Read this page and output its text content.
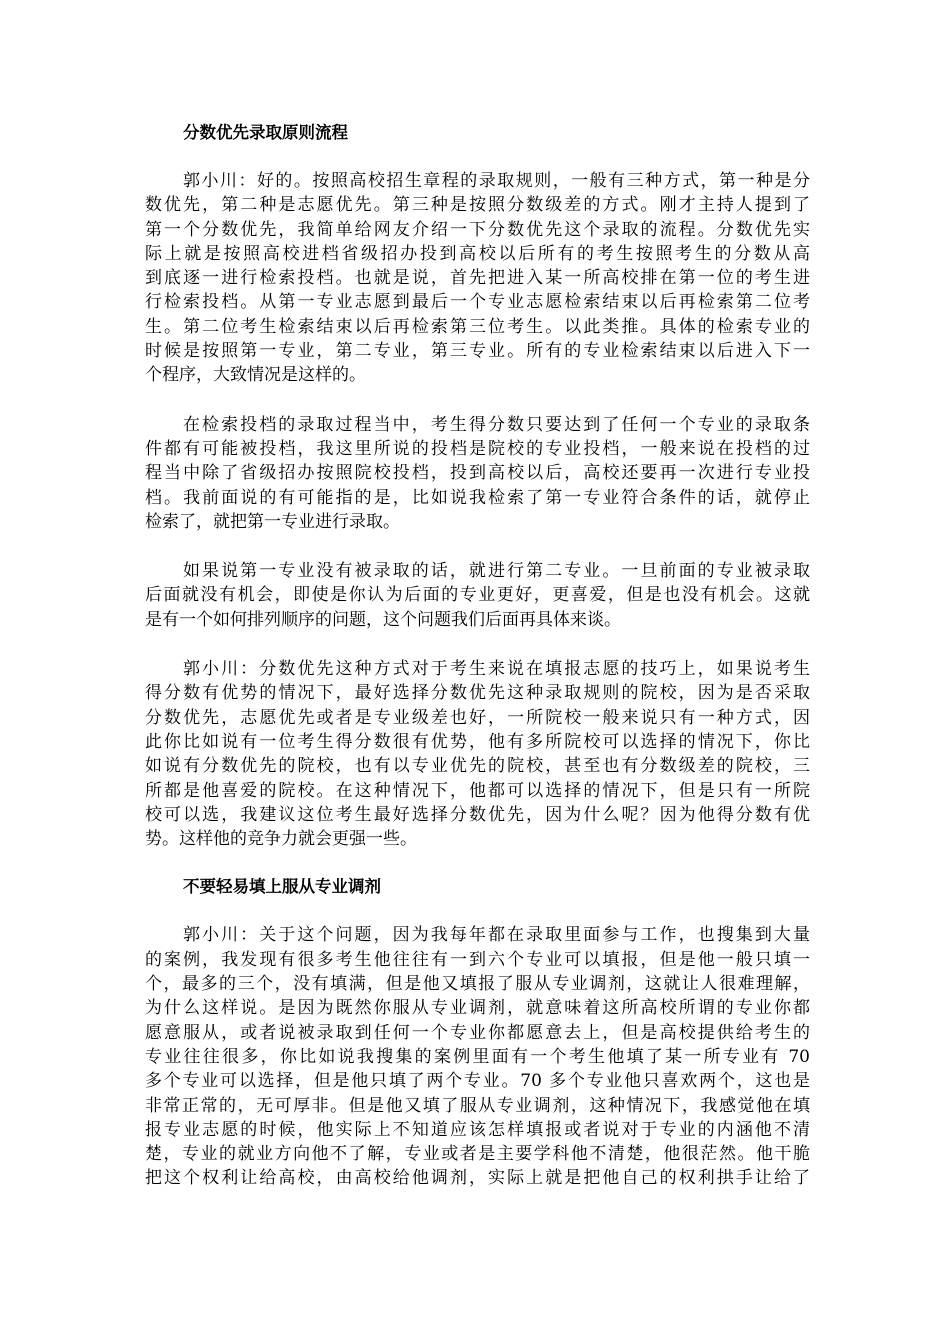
分数优先录取原则流程

郭小川：好的。按照高校招生章程的录取规则，一般有三种方式，第一种是分
数优先，第二种是志愿优先。第三种是按照分数级差的方式。刚才主持人提到了
第一个分数优先，我简单给网友介绍一下分数优先这个录取的流程。分数优先实
际上就是按照高校进档省级招办投到高校以后所有的考生按照考生的分数从高
到底逐一进行检索投档。也就是说，首先把进入某一所高校排在第一位的考生进
行检索投档。从第一专业志愿到最后一个专业志愿检索结束以后再检索第二位考
生。第二位考生检索结束以后再检索第三位考生。以此类推。具体的检索专业的
时候是按照第一专业，第二专业，第三专业。所有的专业检索结束以后进入下一
个程序，大致情况是这样的。
在检索投档的录取过程当中，考生得分数只要达到了任何一个专业的录取条
件都有可能被投档，我这里所说的投档是院校的专业投档，一般来说在投档的过
程当中除了省级招办按照院校投档，投到高校以后，高校还要再一次进行专业投
档。我前面说的有可能指的是，比如说我检索了第一专业符合条件的话，就停止
检索了，就把第一专业进行录取。
如果说第一专业没有被录取的话，就进行第二专业。一旦前面的专业被录取
后面就没有机会，即使是你认为后面的专业更好，更喜爱，但是也没有机会。这就
是有一个如何排列顺序的问题，这个问题我们后面再具体来谈。
郭小川：分数优先这种方式对于考生来说在填报志愿的技巧上，如果说考生
得分数有优势的情况下，最好选择分数优先这种录取规则的院校，因为是否采取
分数优先，志愿优先或者是专业级差也好，一所院校一般来说只有一种方式，因
此你比如说有一位考生得分数很有优势，他有多所院校可以选择的情况下，你比
如说有分数优先的院校，也有以专业优先的院校，甚至也有分数级差的院校，三
所都是他喜爱的院校。在这种情况下，他都可以选择的情况下，但是只有一所院
校可以选，我建议这位考生最好选择分数优先，因为什么呢？因为他得分数有优
势。这样他的竞争力就会更强一些。

不要轻易填上服从专业调剂

郭小川：关于这个问题，因为我每年都在录取里面参与工作，也搜集到大量
的案例，我发现有很多考生他往往有一到六个专业可以填报，但是他一般只填一
个，最多的三个，没有填满，但是他又填报了服从专业调剂，这就让人很难理解，
为什么这样说。是因为既然你服从专业调剂，就意味着这所高校所谓的专业你都
愿意服从，或者说被录取到任何一个专业你都愿意去上，但是高校提供给考生的
专业往往很多，你比如说我搜集的案例里面有一个考生他填了某一所专业有 70
多个专业可以选择，但是他只填了两个专业。70 多个专业他只喜欢两个，这也是
非常正常的，无可厚非。但是他又填了服从专业调剂，这种情况下，我感觉他在填
报专业志愿的时候，他实际上不知道应该怎样填报或者说对于专业的内涵他不清
楚，专业的就业方向他不了解，专业或者是主要学科他不清楚，他很茫然。他干脆
把这个权利让给高校，由高校给他调剂，实际上就是把他自己的权利拱手让给了
